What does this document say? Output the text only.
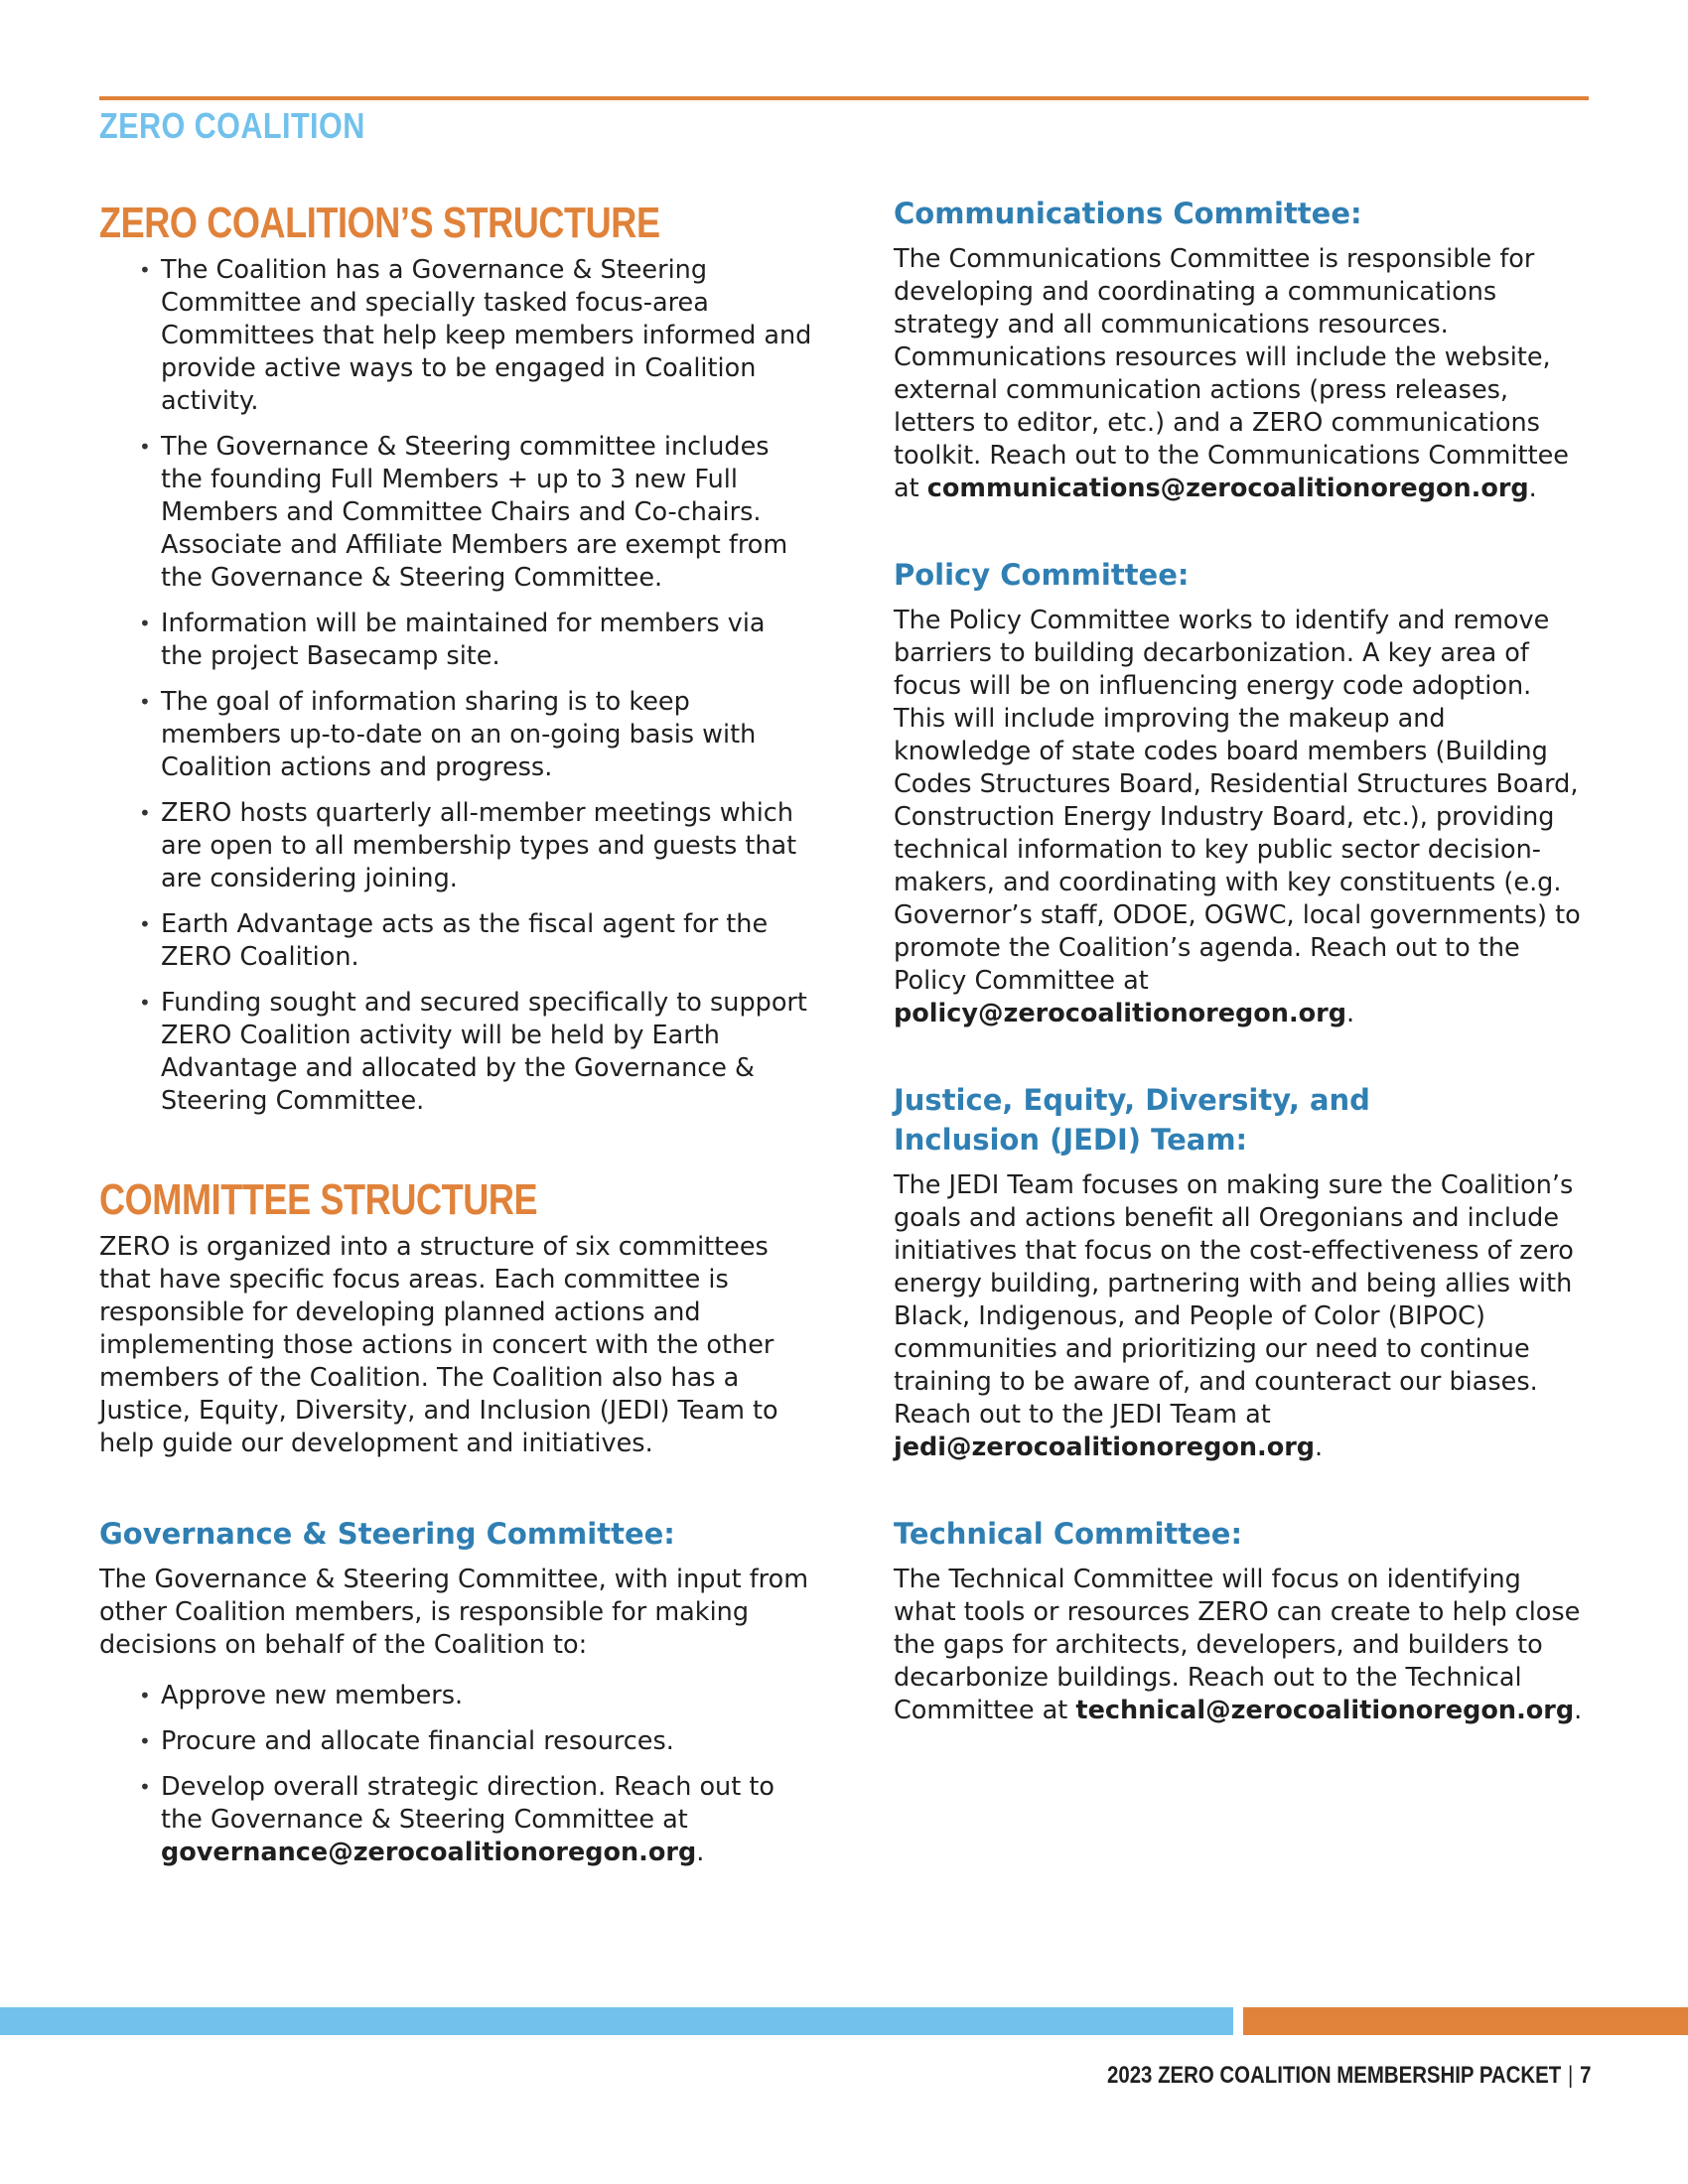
ZERO COALITION
ZERO COALITION’S STRUCTURE
• The Coalition has a Governance & Steering Committee and specially tasked focus-area Committees that help keep members informed and provide active ways to be engaged in Coalition activity.
• The Governance & Steering committee includes the founding Full Members + up to 3 new Full Members and Committee Chairs and Co-chairs. Associate and Affiliate Members are exempt from the Governance & Steering Committee.
• Information will be maintained for members via the project Basecamp site.
• The goal of information sharing is to keep members up-to-date on an on-going basis with Coalition actions and progress.
• ZERO hosts quarterly all-member meetings which are open to all membership types and guests that are considering joining.
• Earth Advantage acts as the fiscal agent for the ZERO Coalition.
• Funding sought and secured specifically to support ZERO Coalition activity will be held by Earth Advantage and allocated by the Governance & Steering Committee.
COMMITTEE STRUCTURE

ZERO is organized into a structure of six committees that have specific focus areas. Each committee is responsible for developing planned actions and implementing those actions in concert with the other members of the Coalition. The Coalition also has a Justice, Equity, Diversity, and Inclusion (JEDI) Team to help guide our development and initiatives.

Governance & Steering Committee:

The Governance & Steering Committee, with input from other Coalition members, is responsible for making decisions on behalf of the Coalition to:

• Approve new members.
• Procure and allocate financial resources.
• Develop overall strategic direction. Reach out to the Governance & Steering Committee at governance@zerocoalitionoregon.org.
Communications Committee:

The Communications Committee is responsible for developing and coordinating a communications strategy and all communications resources. Communications resources will include the website, external communication actions (press releases, letters to editor, etc.) and a ZERO communications toolkit. Reach out to the Communications Committee at communications@zerocoalitionoregon.org.

Policy Committee:

The Policy Committee works to identify and remove barriers to building decarbonization. A key area of focus will be on influencing energy code adoption. This will include improving the makeup and knowledge of state codes board members (Building Codes Structures Board, Residential Structures Board, Construction Energy Industry Board, etc.), providing technical information to key public sector decision-makers, and coordinating with key constituents (e.g. Governor’s staff, ODOE, OGWC, local governments) to promote the Coalition’s agenda. Reach out to the Policy Committee at policy@zerocoalitionoregon.org.

Justice, Equity, Diversity, and
Inclusion (JEDI) Team:

The JEDI Team focuses on making sure the Coalition’s goals and actions benefit all Oregonians and include initiatives that focus on the cost-effectiveness of zero energy building, partnering with and being allies with Black, Indigenous, and People of Color (BIPOC) communities and prioritizing our need to continue training to be aware of, and counteract our biases. Reach out to the JEDI Team at jedi@zerocoalitionoregon.org.

Technical Committee:

The Technical Committee will focus on identifying what tools or resources ZERO can create to help close the gaps for architects, developers, and builders to decarbonize buildings. Reach out to the Technical Committee at technical@zerocoalitionoregon.org.

2023 ZERO COALITION MEMBERSHIP PACKET | 7
